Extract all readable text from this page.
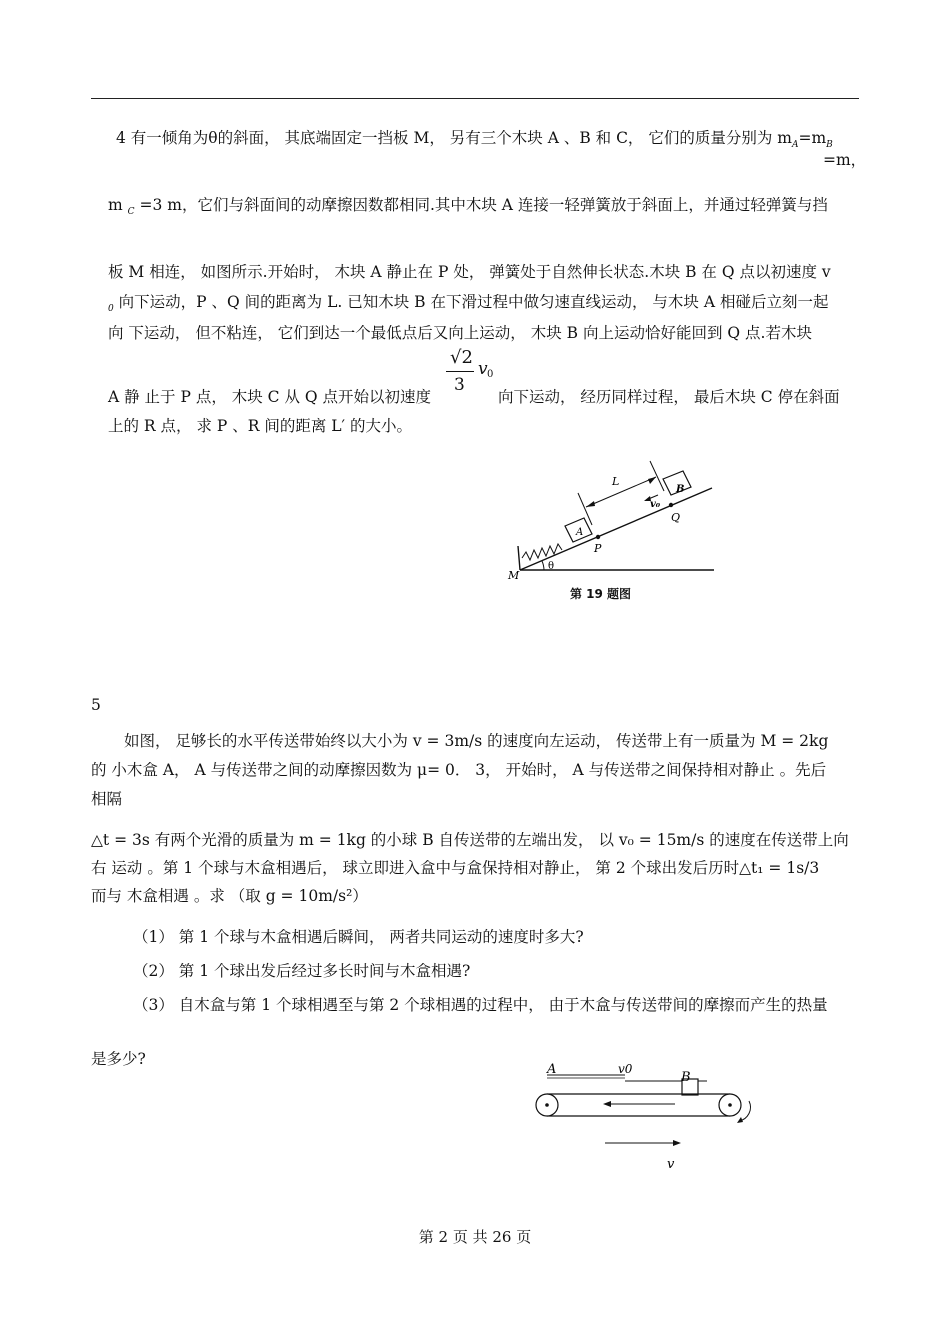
4 有一倾角为θ的斜面， 其底端固定一挡板 M， 另有三个木块 A 、B 和 C， 它们的质量分别为 $m_A=m_B$
=m，
m $_C$ =3 m，它们与斜面间的动摩擦因数都相同.其中木块 A 连接一轻弹簧放于斜面上，并通过轻弹簧与挡
板 M 相连， 如图所示.开始时， 木块 A 静止在 P 处， 弹簧处于自然伸长状态.木块 B 在 Q 点以初速度 v
$_0$ 向下运动，P 、Q 间的距离为 L. 已知木块 B 在下滑过程中做匀速直线运动， 与木块 A 相碰后立刻一起
向 下运动， 但不粘连， 它们到达一个最低点后又向上运动， 木块 B 向上运动恰好能回到 Q 点.若木块
A 静 止于 P 点， 木块 C 从 Q 点开始以初速度
√2
3
v 0
向下运动， 经历同样过程， 最后木块 C 停在斜面
上的 R 点， 求 P 、R 间的距离 L′ 的大小。
L
B
v₀
Q
A
P
M
θ
第 19 题图
5
如图， 足够长的水平传送带始终以大小为 v = 3m/s 的速度向左运动， 传送带上有一质量为 M = 2kg
的 小木盒 A， A 与传送带之间的动摩擦因数为 μ= 0． 3， 开始时， A 与传送带之间保持相对静止 。先后
相隔
△t = 3s 有两个光滑的质量为 m = 1kg 的小球 B 自传送带的左端出发， 以 v₀ = 15m/s 的速度在传送带上向
右 运动 。第 1 个球与木盒相遇后， 球立即进入盒中与盒保持相对静止， 第 2 个球出发后历时△t₁ = 1s/3
而与 木盒相遇 。求 （取 g = 10m/s²）
（1） 第 1 个球与木盒相遇后瞬间， 两者共同运动的速度时多大?
（2） 第 1 个球出发后经过多长时间与木盒相遇?
（3） 自木盒与第 1 个球相遇至与第 2 个球相遇的过程中， 由于木盒与传送带间的摩擦而产生的热量
是多少?
A	v0
B
v
第 2 页 共 26 页
